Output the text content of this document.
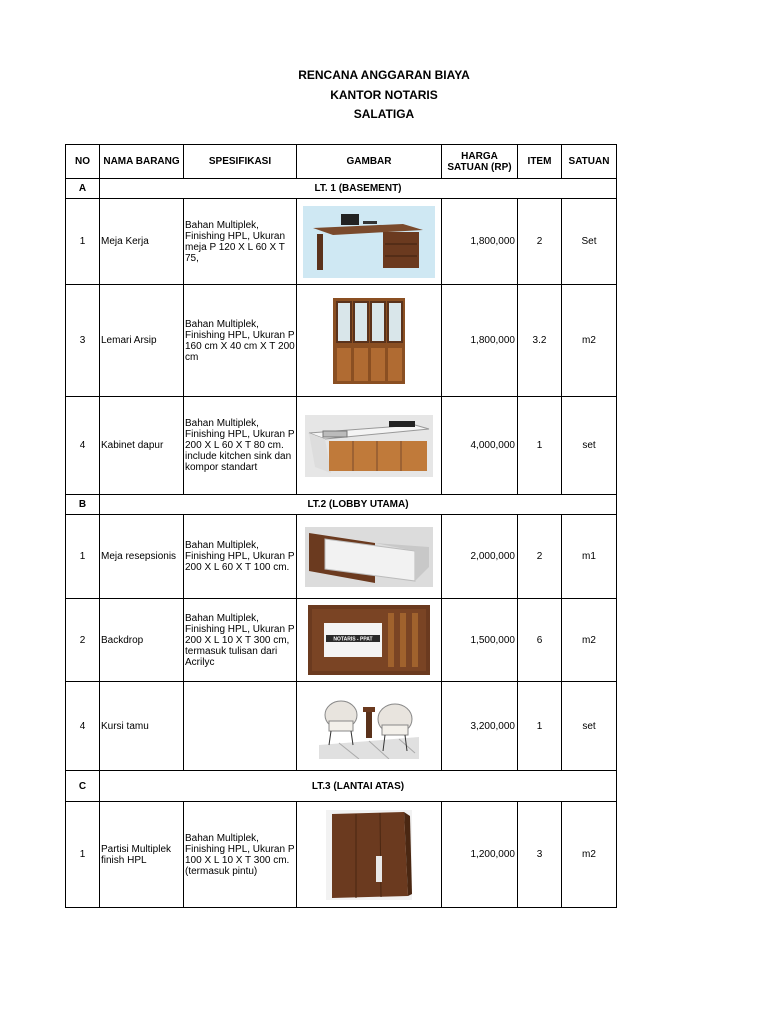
RENCANA ANGGARAN BIAYA
KANTOR NOTARIS
SALATIGA
NO	NAMA BARANG	SPESIFIKASI	GAMBAR	HARGA SATUAN (RP)	ITEM	SATUAN
A	LT. 1 (BASEMENT)					
1	Meja Kerja	Bahan Multiplek, Finishing HPL, Ukuran meja P 120 X L 60 X T 75,		1,800,000	2	Set
3	Lemari Arsip	Bahan Multiplek, Finishing HPL, Ukuran P 160 cm X 40 cm X T 200 cm		1,800,000	3.2	m2
4	Kabinet dapur	Bahan Multiplek, Finishing HPL, Ukuran P 200 X L 60 X T 80 cm. include kitchen sink dan kompor standart		4,000,000	1	set
B	LT.2 (LOBBY UTAMA)					
1	Meja resepsionis	Bahan Multiplek, Finishing HPL, Ukuran P 200 X L 60 X T 100 cm.		2,000,000	2	m1
2	Backdrop	Bahan Multiplek, Finishing HPL, Ukuran P 200 X L 10 X T 300 cm, termasuk tulisan dari Acrilyc	NOTARIS - PPAT	1,500,000	6	m2
4	Kursi tamu			3,200,000	1	set
C	LT.3 (LANTAI ATAS)					
1	Partisi Multiplek finish HPL	Bahan Multiplek, Finishing HPL, Ukuran P 100 X L 10 X T 300 cm. (termasuk pintu)		1,200,000	3	m2
